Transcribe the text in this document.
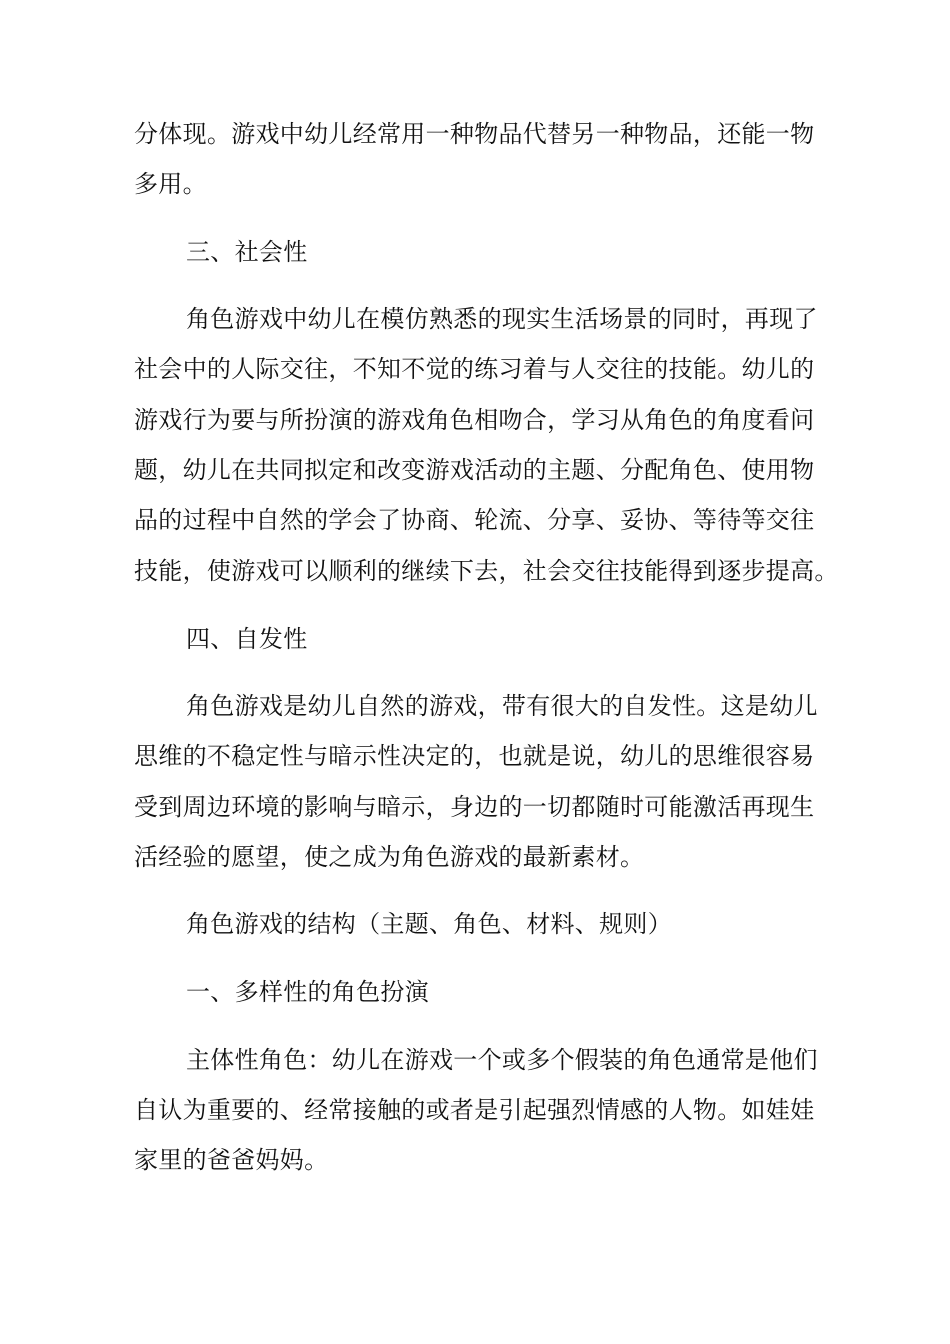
分体现。游戏中幼儿经常用一种物品代替另一种物品，还能一物
多用。
三、社会性
角色游戏中幼儿在模仿熟悉的现实生活场景的同时，再现了
社会中的人际交往，不知不觉的练习着与人交往的技能。幼儿的
游戏行为要与所扮演的游戏角色相吻合，学习从角色的角度看问
题，幼儿在共同拟定和改变游戏活动的主题、分配角色、使用物
品的过程中自然的学会了协商、轮流、分享、妥协、等待等交往
技能，使游戏可以顺利的继续下去，社会交往技能得到逐步提高。
四、自发性
角色游戏是幼儿自然的游戏，带有很大的自发性。这是幼儿
思维的不稳定性与暗示性决定的，也就是说，幼儿的思维很容易
受到周边环境的影响与暗示，身边的一切都随时可能激活再现生
活经验的愿望，使之成为角色游戏的最新素材。
角色游戏的结构（主题、角色、材料、规则）
一、多样性的角色扮演
主体性角色：幼儿在游戏一个或多个假装的角色通常是他们
自认为重要的、经常接触的或者是引起强烈情感的人物。如娃娃
家里的爸爸妈妈。
